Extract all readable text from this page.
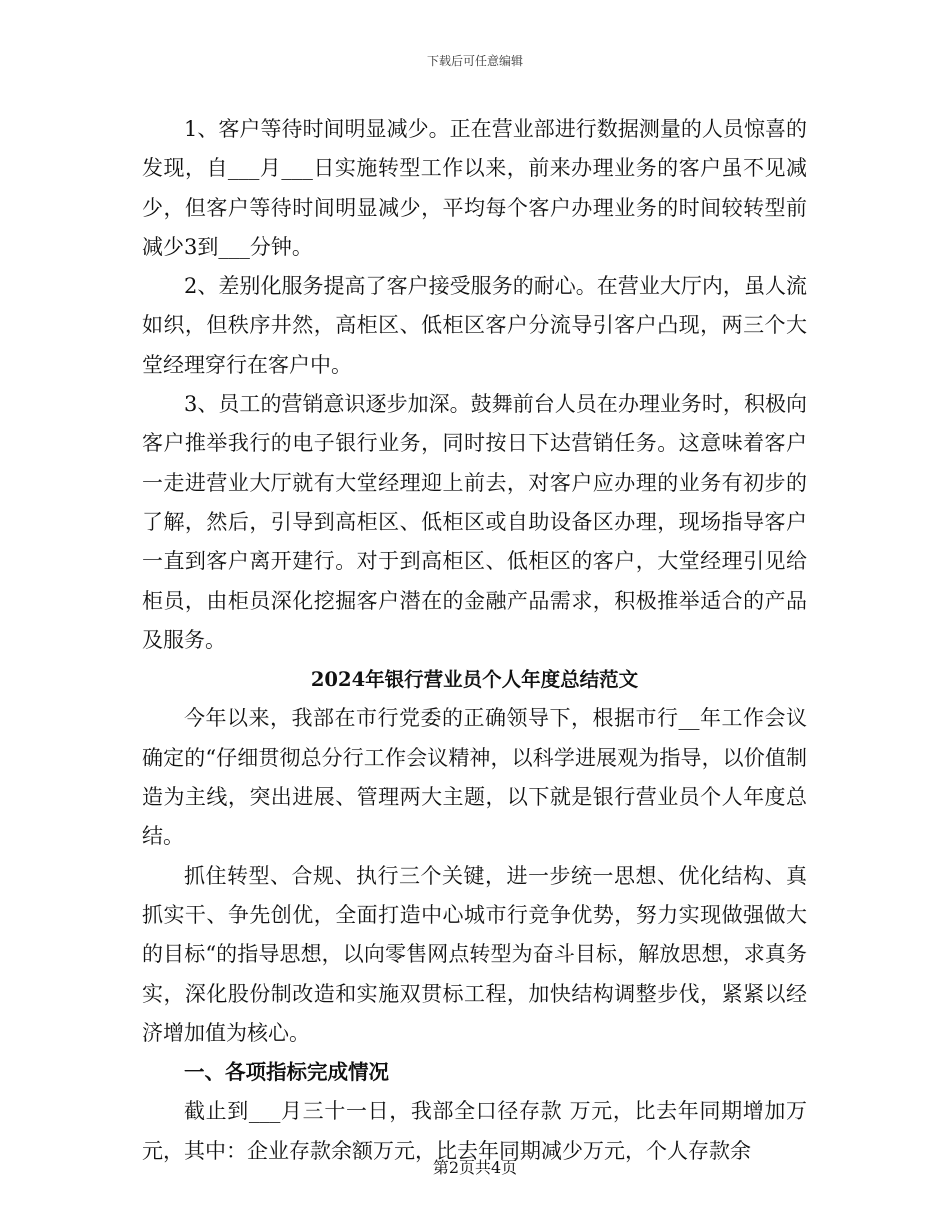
下载后可任意编辑

1、客户等待时间明显减少。正在营业部进行数据测量的人员惊喜的发现，自___月___日实施转型工作以来，前来办理业务的客户虽不见减少，但客户等待时间明显减少，平均每个客户办理业务的时间较转型前减少3到___分钟。

2、差别化服务提高了客户接受服务的耐心。在营业大厅内，虽人流如织，但秩序井然，高柜区、低柜区客户分流导引客户凸现，两三个大堂经理穿行在客户中。

3、员工的营销意识逐步加深。鼓舞前台人员在办理业务时，积极向客户推举我行的电子银行业务，同时按日下达营销任务。这意味着客户一走进营业大厅就有大堂经理迎上前去，对客户应办理的业务有初步的了解，然后，引导到高柜区、低柜区或自助设备区办理，现场指导客户一直到客户离开建行。对于到高柜区、低柜区的客户，大堂经理引见给柜员，由柜员深化挖掘客户潜在的金融产品需求，积极推举适合的产品及服务。

2024年银行营业员个人年度总结范文

今年以来，我部在市行党委的正确领导下，根据市行__年工作会议确定的“仔细贯彻总分行工作会议精神，以科学进展观为指导，以价值制造为主线，突出进展、管理两大主题，以下就是银行营业员个人年度总结。

抓住转型、合规、执行三个关键，进一步统一思想、优化结构、真抓实干、争先创优，全面打造中心城市行竞争优势，努力实现做强做大的目标“的指导思想，以向零售网点转型为奋斗目标，解放思想，求真务实，深化股份制改造和实施双贯标工程，加快结构调整步伐，紧紧以经济增加值为核心。

一、各项指标完成情况

截止到___月三十一日，我部全口径存款 万元，比去年同期增加万元，其中：企业存款余额万元，比去年同期减少万元，个人存款余

第2页共4页
